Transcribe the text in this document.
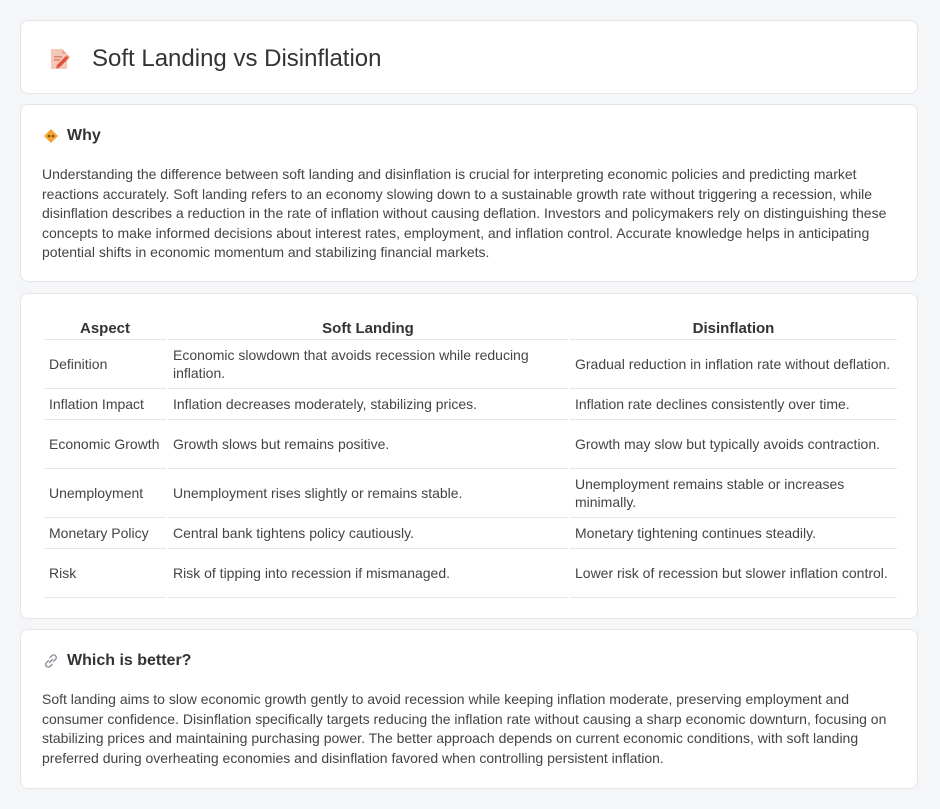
Soft Landing vs Disinflation
Why

Understanding the difference between soft landing and disinflation is crucial for interpreting economic policies and predicting market reactions accurately. Soft landing refers to an economy slowing down to a sustainable growth rate without triggering a recession, while disinflation describes a reduction in the rate of inflation without causing deflation. Investors and policymakers rely on distinguishing these concepts to make informed decisions about interest rates, employment, and inflation control. Accurate knowledge helps in anticipating potential shifts in economic momentum and stabilizing financial markets.

Aspect	Soft Landing	Disinflation
Definition	Economic slowdown that avoids recession while reducing inflation.	Gradual reduction in inflation rate without deflation.
Inflation Impact	Inflation decreases moderately, stabilizing prices.	Inflation rate declines consistently over time.
Economic Growth	Growth slows but remains positive.	Growth may slow but typically avoids contraction.
Unemployment	Unemployment rises slightly or remains stable.	Unemployment remains stable or increases minimally.
Monetary Policy	Central bank tightens policy cautiously.	Monetary tightening continues steadily.
Risk	Risk of tipping into recession if mismanaged.	Lower risk of recession but slower inflation control.
Which is better?

Soft landing aims to slow economic growth gently to avoid recession while keeping inflation moderate, preserving employment and consumer confidence. Disinflation specifically targets reducing the inflation rate without causing a sharp economic downturn, focusing on stabilizing prices and maintaining purchasing power. The better approach depends on current economic conditions, with soft landing preferred during overheating economies and disinflation favored when controlling persistent inflation.
